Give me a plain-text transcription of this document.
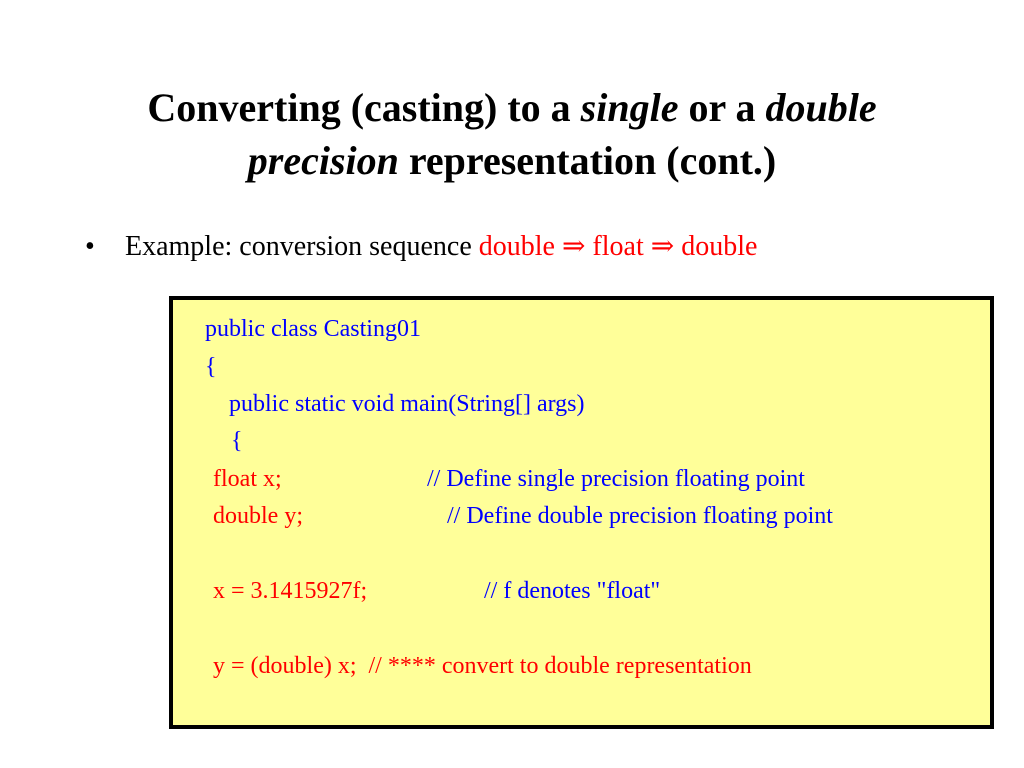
Converting (casting) to a single or a double
precision representation (cont.)
• Example: conversion sequence double ⇒ float ⇒ double
public class Casting01
{
public static void main(String[] args)
{
float x;	// Define single precision floating point
double y;	// Define double precision floating point
x = 3.1415927f;	// f denotes "float"
y = (double) x;  // **** convert to double representation
